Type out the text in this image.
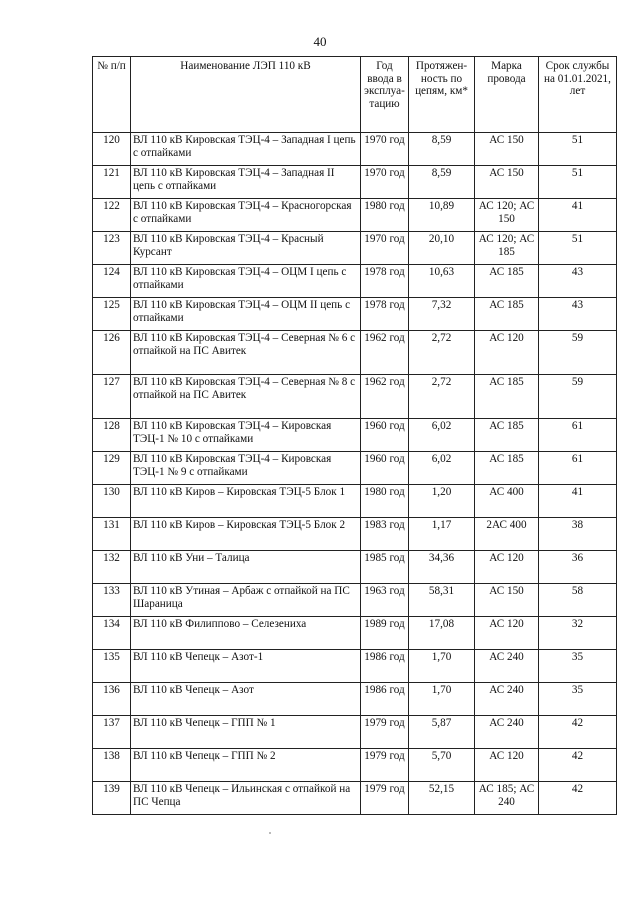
40
№ п/п	Наименование ЛЭП 110 кВ	Год ввода в эксплуа-тацию	Протяжен-ность по цепям, км*	Марка провода	Срок службы на 01.01.2021, лет
120	ВЛ 110 кВ Кировская ТЭЦ-4 – Западная I цепь с отпайками	1970 год	8,59	АС 150	51
121	ВЛ 110 кВ Кировская ТЭЦ-4 – Западная II цепь с отпайками	1970 год	8,59	АС 150	51
122	ВЛ 110 кВ Кировская ТЭЦ-4 – Красногорская с отпайками	1980 год	10,89	АС 120; АС 150	41
123	ВЛ 110 кВ Кировская ТЭЦ-4 – Красный Курсант	1970 год	20,10	АС 120; АС 185	51
124	ВЛ 110 кВ Кировская ТЭЦ-4 – ОЦМ I цепь с отпайками	1978 год	10,63	АС 185	43
125	ВЛ 110 кВ Кировская ТЭЦ-4 – ОЦМ II цепь с отпайками	1978 год	7,32	АС 185	43
126	ВЛ 110 кВ Кировская ТЭЦ-4 – Северная № 6 с отпайкой на ПС Авитек	1962 год	2,72	АС 120	59
127	ВЛ 110 кВ Кировская ТЭЦ-4 – Северная № 8 с отпайкой на ПС Авитек	1962 год	2,72	АС 185	59
128	ВЛ 110 кВ Кировская ТЭЦ-4 – Кировская ТЭЦ-1 № 10 с отпайками	1960 год	6,02	АС 185	61
129	ВЛ 110 кВ Кировская ТЭЦ-4 – Кировская ТЭЦ-1 № 9 с отпайками	1960 год	6,02	АС 185	61
130	ВЛ 110 кВ Киров – Кировская ТЭЦ-5 Блок 1	1980 год	1,20	АС 400	41
131	ВЛ 110 кВ Киров – Кировская ТЭЦ-5 Блок 2	1983 год	1,17	2АС 400	38
132	ВЛ 110 кВ Уни – Талица	1985 год	34,36	АС 120	36
133	ВЛ 110 кВ Утиная – Арбаж с отпайкой на ПС Шараница	1963 год	58,31	АС 150	58
134	ВЛ 110 кВ Филиппово – Селезениха	1989 год	17,08	АС 120	32
135	ВЛ 110 кВ Чепецк – Азот-1	1986 год	1,70	АС 240	35
136	ВЛ 110 кВ Чепецк – Азот	1986 год	1,70	АС 240	35
137	ВЛ 110 кВ Чепецк – ГПП № 1	1979 год	5,87	АС 240	42
138	ВЛ 110 кВ Чепецк – ГПП № 2	1979 год	5,70	АС 120	42
139	ВЛ 110 кВ Чепецк – Ильинская с отпайкой на ПС Чепца	1979 год	52,15	АС 185; АС 240	42
